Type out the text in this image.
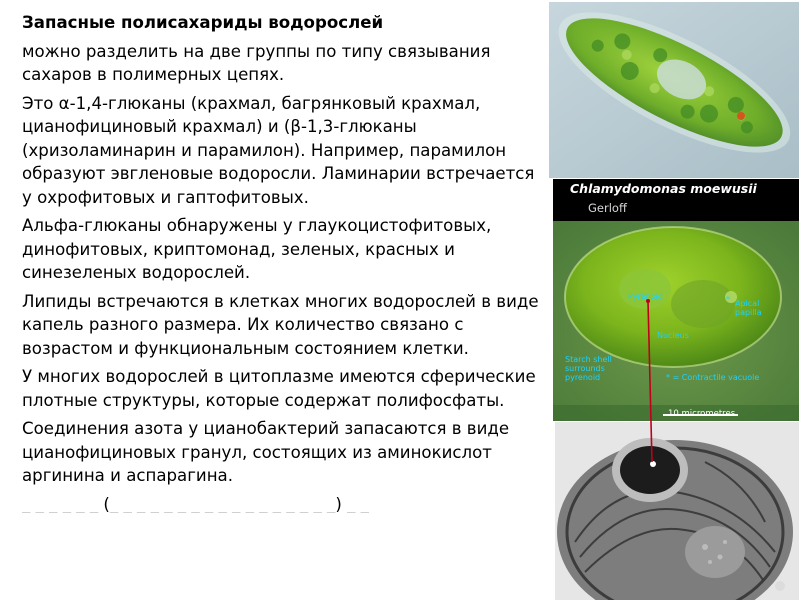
Запасные полисахариды водорослей

можно разделить на две группы по типу связывания сахаров в полимерных цепях.

Это α-1,4-глюканы (крахмал, багрянковый крахмал, цианофициновый крахмал) и (β-1,3-глюканы (хризоламинарин и парамилон). Например, парамилон образуют эвгленовые водоросли. Ламинарии встречается у охрофитовых и гаптофитовых.

Альфа-глюканы обнаружены у глаукоцистофитовых, динофитовых, криптомонад, зеленых, красных и синезеленых водорослей.

Липиды встречаются в клетках многих водорослей в виде капель разного размера. Их количество связано с возрастом и функциональным состоянием клетки.

У многих водорослей в цитоплазме имеются сферические плотные структуры, которые содержат полифосфаты.

Соединения азота у цианобактерий запасаются в виде цианофициновых гранул, состоящих из аминокислот аргинина и аспарагина.

_ _ _ _ _ _ (_ _ _ _ _ _ _ _ _ _ _ _ _ _ _ _ _) _ _

Chlamydomonas moewusii
Gerloff
Pyrenoid
Apical
papilla
*
Nucleus
Starch shell
surrounds
pyrenoid	* = Contractile vacuole
10 micrometres
